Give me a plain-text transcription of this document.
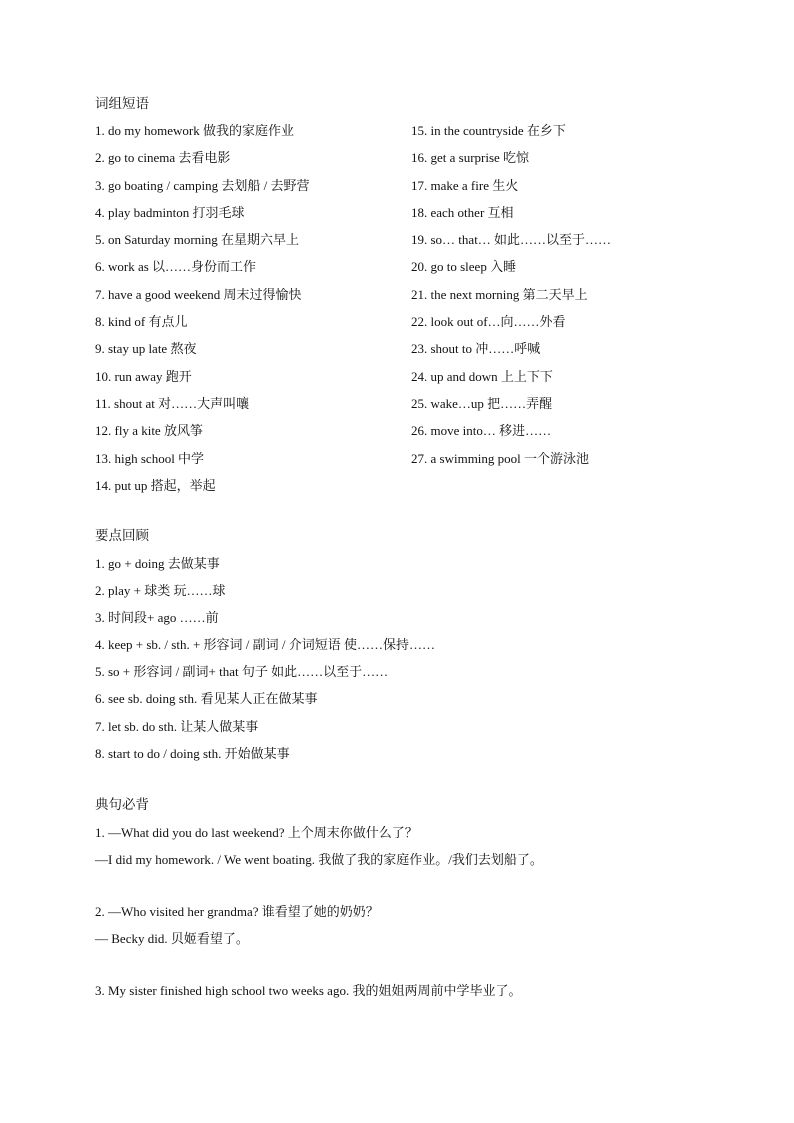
词组短语
1. do my homework 做我的家庭作业
2. go to cinema 去看电影
3. go boating / camping 去划船 / 去野营
4. play badminton 打羽毛球
5. on Saturday morning 在星期六早上
6. work as 以……身份而工作
7. have a good weekend 周末过得愉快
8. kind of 有点儿
9. stay up late 熬夜
10. run away 跑开
11. shout at 对……大声叫嚷
12. fly a kite 放风筝
13. high school 中学
14. put up 搭起，举起
15. in the countryside 在乡下
16. get a surprise 吃惊
17. make a fire 生火
18. each other 互相
19. so… that… 如此……以至于……
20. go to sleep 入睡
21. the next morning 第二天早上
22. look out of…向……外看
23. shout to 冲……呼喊
24. up and down 上上下下
25. wake…up 把……弄醒
26. move into… 移进……
27. a swimming pool 一个游泳池
要点回顾
1. go + doing 去做某事
2. play + 球类 玩……球
3. 时间段+ ago ……前
4. keep + sb. / sth. + 形容词 / 副词 / 介词短语 使……保持……
5. so + 形容词 / 副词+ that 句子 如此……以至于……
6. see sb. doing sth. 看见某人正在做某事
7. let sb. do sth. 让某人做某事
8. start to do / doing sth. 开始做某事
典句必背
1. —What did you do last weekend? 上个周末你做什么了？
—I did my homework. / We went boating. 我做了我的家庭作业。/我们去划船了。
2. —Who visited her grandma? 谁看望了她的奶奶？
— Becky did. 贝姬看望了。
3. My sister finished high school two weeks ago. 我的姐姐两周前中学毕业了。
